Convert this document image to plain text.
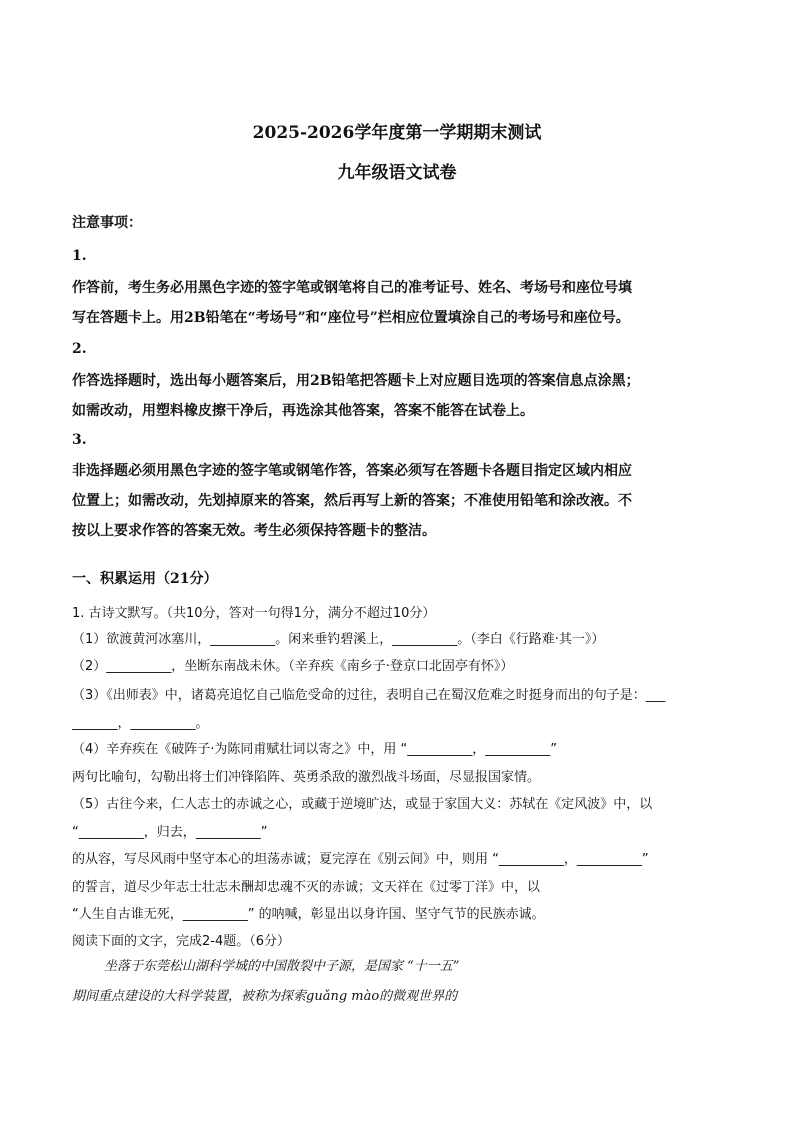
2025-2026学年度第一学期期末测试
九年级语文试卷
注意事项：
1.
作答前，考生务必用黑色字迹的签字笔或钢笔将自己的准考证号、姓名、考场号和座位号填
写在答题卡上。用2B铅笔在“考场号”和“座位号”栏相应位置填涂自己的考场号和座位号。
2.
作答选择题时，选出每小题答案后，用2B铅笔把答题卡上对应题目选项的答案信息点涂黑；
如需改动，用塑料橡皮擦干净后，再选涂其他答案，答案不能答在试卷上。
3.
非选择题必须用黑色字迹的签字笔或钢笔作答，答案必须写在答题卡各题目指定区域内相应
位置上；如需改动，先划掉原来的答案，然后再写上新的答案；不准使用铅笔和涂改液。不
按以上要求作答的答案无效。考生必须保持答题卡的整洁。
一、积累运用（21分）
1. 古诗文默写。（共10分，答对一句得1分，满分不超过10分）
（1）欲渡黄河冰塞川，__________。闲来垂钓碧溪上，__________。（李白《行路难·其一》）
（2）__________，坐断东南战未休。（辛弃疾《南乡子·登京口北固亭有怀》）
（3）《出师表》中，诸葛亮追忆自己临危受命的过往，表明自己在蜀汉危难之时挺身而出的句子是：___
_______，__________。
（4）辛弃疾在《破阵子·为陈同甫赋壮词以寄之》中，用 “__________，__________”
两句比喻句，勾勒出将士们冲锋陷阵、英勇杀敌的激烈战斗场面，尽显报国家情。
（5）古往今来，仁人志士的赤诚之心，或藏于逆境旷达，或显于家国大义：苏轼在《定风波》中，以
“__________，归去，__________”
的从容，写尽风雨中坚守本心的坦荡赤诚；夏完淳在《别云间》中，则用 “__________，__________”
的誓言，道尽少年志士壮志未酬却忠魂不灭的赤诚；文天祥在《过零丁洋》中，以
“人生自古谁无死，__________” 的呐喊，彰显出以身许国、坚守气节的民族赤诚。
阅读下面的文字，完成2-4题。（6分）
坐落于东莞松山湖科学城的中国散裂中子源，是国家 “十一五”
期间重点建设的大科学装置，被称为探索guǎng mào的微观世界的
